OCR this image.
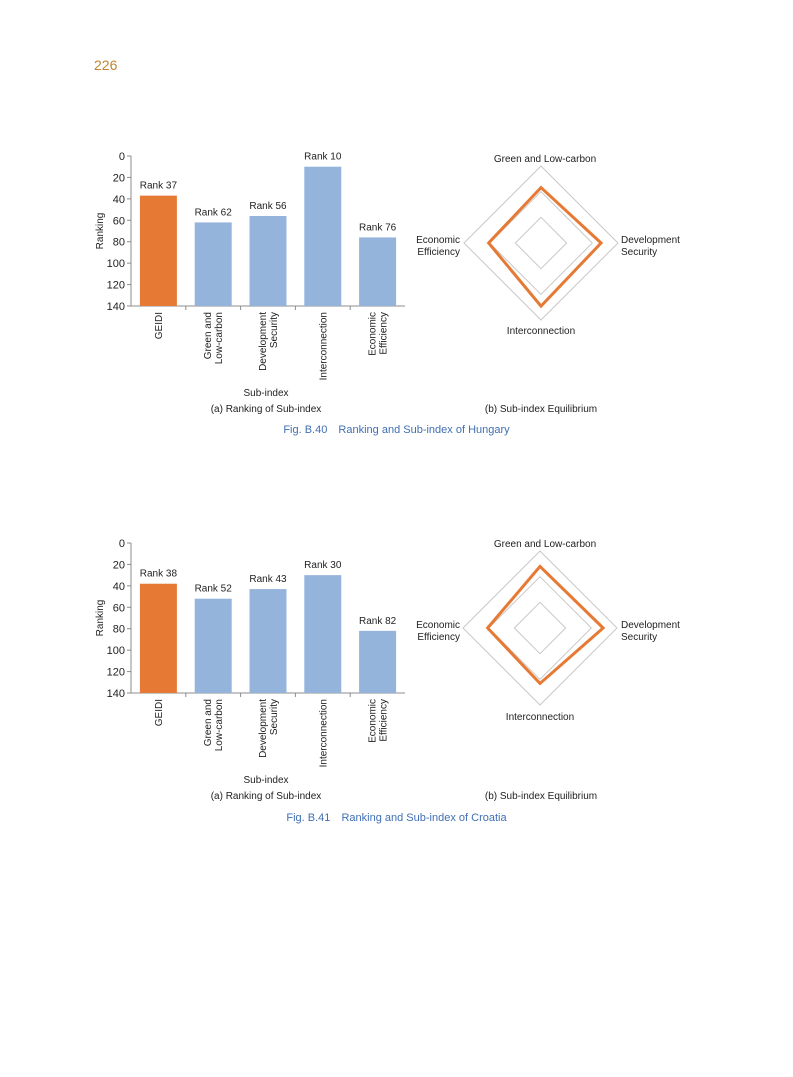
226
0
20
40
60
80
100
120
140
Ranking
Rank 37
GEIDI
Rank 62
Green and Low-carbon
Rank 56
Development Security
Rank 10
Interconnection
Rank 76
Economic Efficiency
Sub-index
(a) Ranking of Sub-index
Green and Low-carbon
Development
Security
Interconnection
Economic
Efficiency
(b) Sub-index Equilibrium
Fig. B.40 Ranking and Sub-index of Hungary
0
20
40
60
80
100
120
140
Ranking
Rank 38
GEIDI
Rank 52
Green and Low-carbon
Rank 43
Development Security
Rank 30
Interconnection
Rank 82
Economic Efficiency
Sub-index
(a) Ranking of Sub-index
Green and Low-carbon
Development
Security
Interconnection
Economic
Efficiency
(b) Sub-index Equilibrium
Fig. B.41 Ranking and Sub-index of Croatia
